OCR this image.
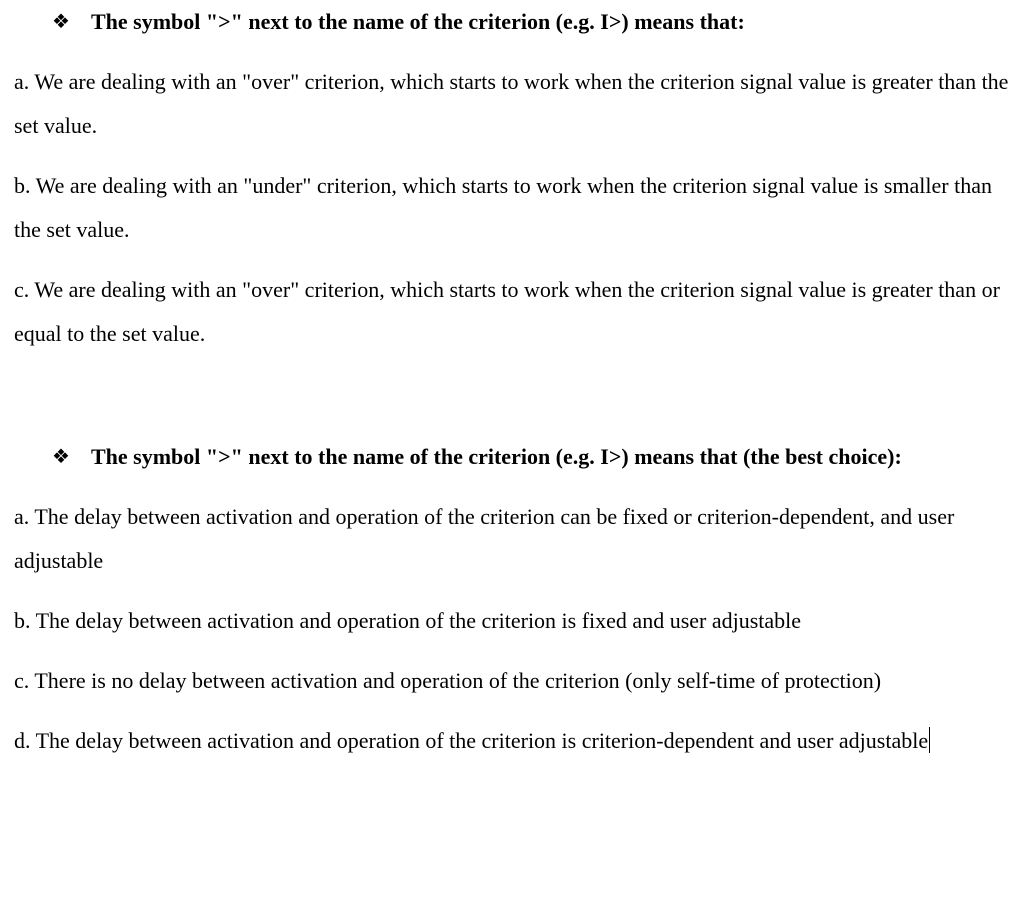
❖ The symbol ">" next to the name of the criterion (e.g. I>) means that:

a. We are dealing with an "over" criterion, which starts to work when the criterion signal value is greater than the set value.
b. We are dealing with an "under" criterion, which starts to work when the criterion signal value is smaller than the set value.
c. We are dealing with an "over" criterion, which starts to work when the criterion signal value is greater than or equal to the set value.

❖ The symbol ">" next to the name of the criterion (e.g. I>) means that (the best choice):

a. The delay between activation and operation of the criterion can be fixed or criterion-dependent, and user adjustable
b. The delay between activation and operation of the criterion is fixed and user adjustable
c. There is no delay between activation and operation of the criterion (only self-time of protection)
d. The delay between activation and operation of the criterion is criterion-dependent and user adjustable
